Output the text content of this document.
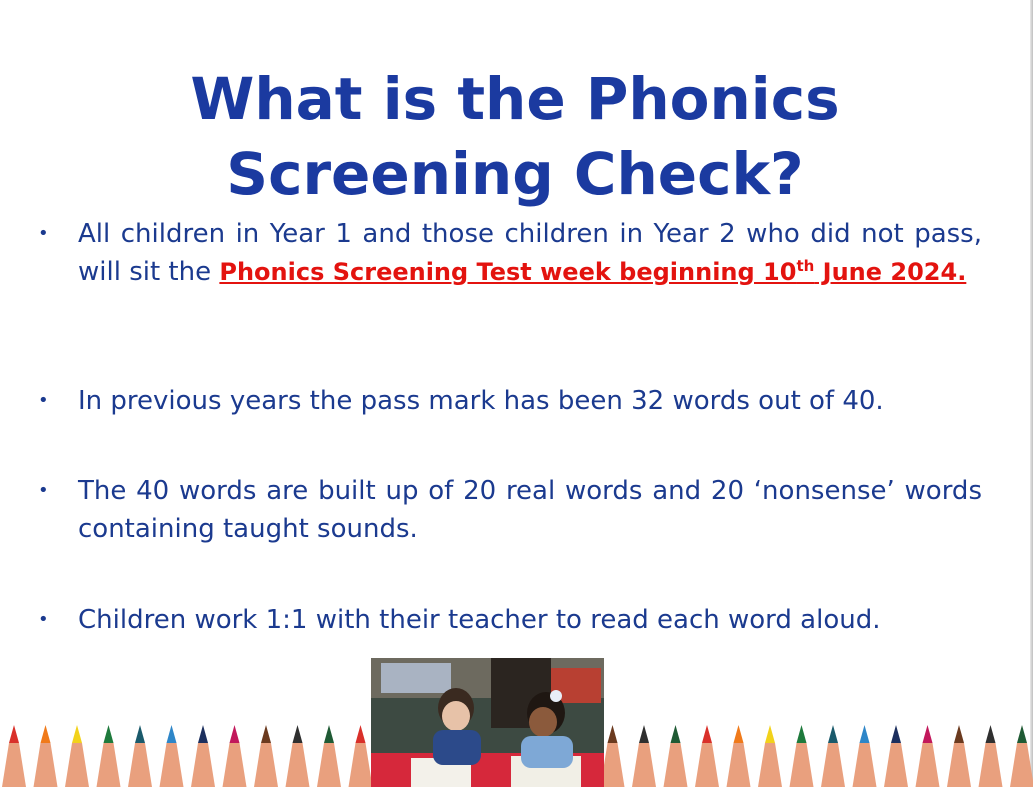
What is the Phonics Screening Check?
•	All children in Year 1 and those children in Year 2 who did not pass, will sit the Phonics Screening Test week beginning 10th June 2024.
•	In previous years the pass mark has been 32 words out of 40.
•	The 40 words are built up of 20 real words and 20 ‘nonsense’ words containing taught sounds.
•	Children work 1:1 with their teacher to read each word aloud.
